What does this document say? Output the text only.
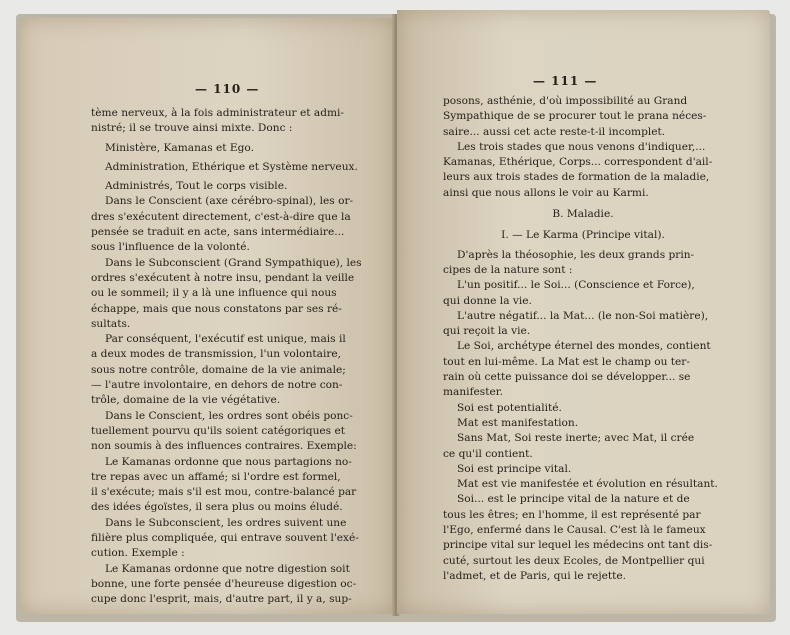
— 110 —
tème nerveux, à la fois administrateur et admi-
nistré; il se trouve ainsi mixte. Donc :
Ministère, Kamanas et Ego.
Administration, Ethérique et Système nerveux.
Administrés, Tout le corps visible.
Dans le Conscient (axe cérébro-spinal), les or-
dres s'exécutent directement, c'est-à-dire que la
pensée se traduit en acte, sans intermédiaire...
sous l'influence de la volonté.
Dans le Subconscient (Grand Sympathique), les
ordres s'exécutent à notre insu, pendant la veille
ou le sommeil; il y a là une influence qui nous
échappe, mais que nous constatons par ses ré-
sultats.
Par conséquent, l'exécutif est unique, mais il
a deux modes de transmission, l'un volontaire,
sous notre contrôle, domaine de la vie animale;
— l'autre involontaire, en dehors de notre con-
trôle, domaine de la vie végétative.
Dans le Conscient, les ordres sont obéis ponc-
tuellement pourvu qu'ils soient catégoriques et
non soumis à des influences contraires. Exemple:
Le Kamanas ordonne que nous partagions no-
tre repas avec un affamé; si l'ordre est formel,
il s'exécute; mais s'il est mou, contre-balancé par
des idées égoïstes, il sera plus ou moins éludé.
Dans le Subconscient, les ordres suivent une
filière plus compliquée, qui entrave souvent l'exé-
cution. Exemple :
Le Kamanas ordonne que notre digestion soit
bonne, une forte pensée d'heureuse digestion oc-
cupe donc l'esprit, mais, d'autre part, il y a, sup-
— 111 —
posons, asthénie, d'où impossibilité au Grand
Sympathique de se procurer tout le prana néces-
saire... aussi cet acte reste-t-il incomplet.
Les trois stades que nous venons d'indiquer,...
Kamanas, Ethérique, Corps... correspondent d'ail-
leurs aux trois stades de formation de la maladie,
ainsi que nous allons le voir au Karmi.
B. Maladie.
I. — Le Karma (Principe vital).
D'après la théosophie, les deux grands prin-
cipes de la nature sont :
L'un positif... le Soi... (Conscience et Force),
qui donne la vie.
L'autre négatif... la Mat... (le non-Soi matière),
qui reçoit la vie.
Le Soi, archétype éternel des mondes, contient
tout en lui-même. La Mat est le champ ou ter-
rain où cette puissance doi se développer... se
manifester.
Soi est potentialité.
Mat est manifestation.
Sans Mat, Soi reste inerte; avec Mat, il crée
ce qu'il contient.
Soi est principe vital.
Mat est vie manifestée et évolution en résultant.
Soi... est le principe vital de la nature et de
tous les êtres; en l'homme, il est représenté par
l'Ego, enfermé dans le Causal. C'est là le fameux
principe vital sur lequel les médecins ont tant dis-
cuté, surtout les deux Ecoles, de Montpellier qui
l'admet, et de Paris, qui le rejette.
